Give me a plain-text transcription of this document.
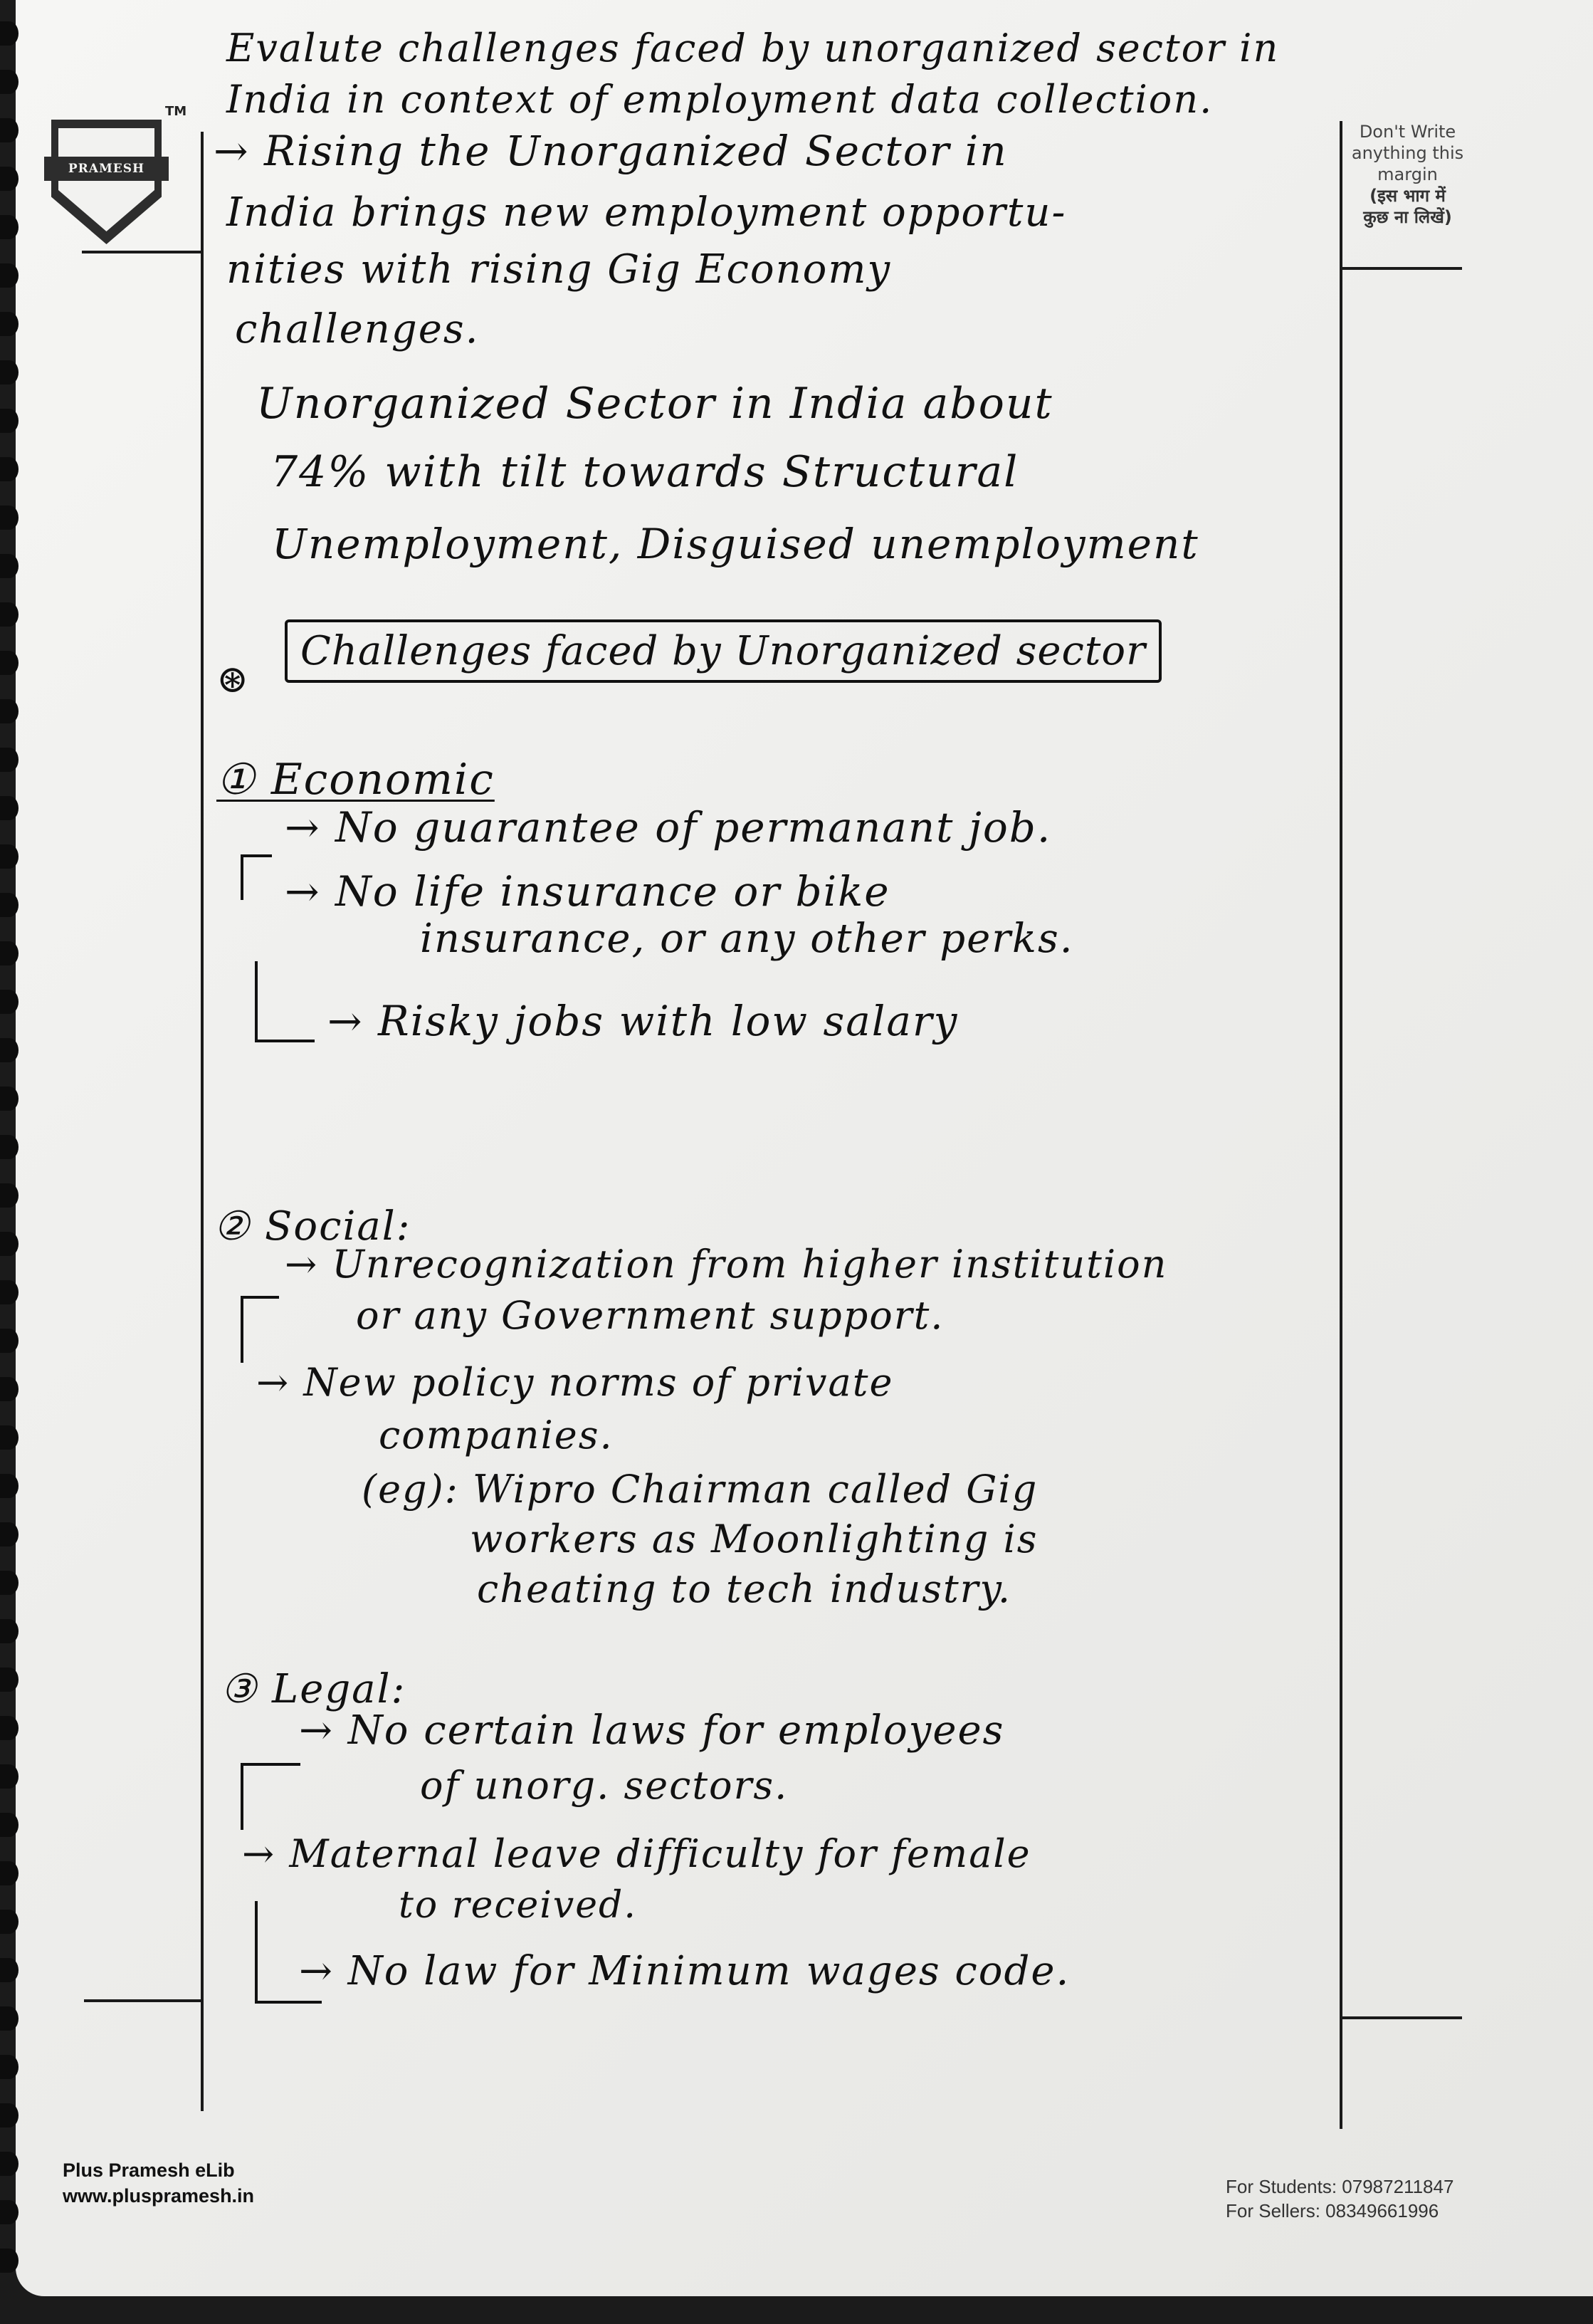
PRAMESH
TM
Don't Write
anything this
margin
(इस भाग में
कुछ ना लिखें)
Evalute challenges faced by unorganized sector in
India in context of employment data collection.
→ Rising the Unorganized Sector in
India brings new employment opportu-
nities with rising Gig Economy
challenges.
Unorganized Sector in India about
74% with tilt towards Structural
Unemployment, Disguised unemployment
Challenges faced by Unorganized sector
⊛
① Economic
→ No guarantee of permanant job.
→ No life insurance or bike
insurance, or any other perks.
→ Risky jobs with low salary
② Social:
→ Unrecognization from higher institution
or any Government support.
→ New policy norms of private
companies.
(eg): Wipro Chairman called Gig
workers as Moonlighting is
cheating to tech industry.
③ Legal:
→ No certain laws for employees
of unorg. sectors.
→ Maternal leave difficulty for female
to received.
→ No law for Minimum wages code.
Plus Pramesh eLib
www.pluspramesh.in	For Students: 07987211847
For Sellers: 08349661996
